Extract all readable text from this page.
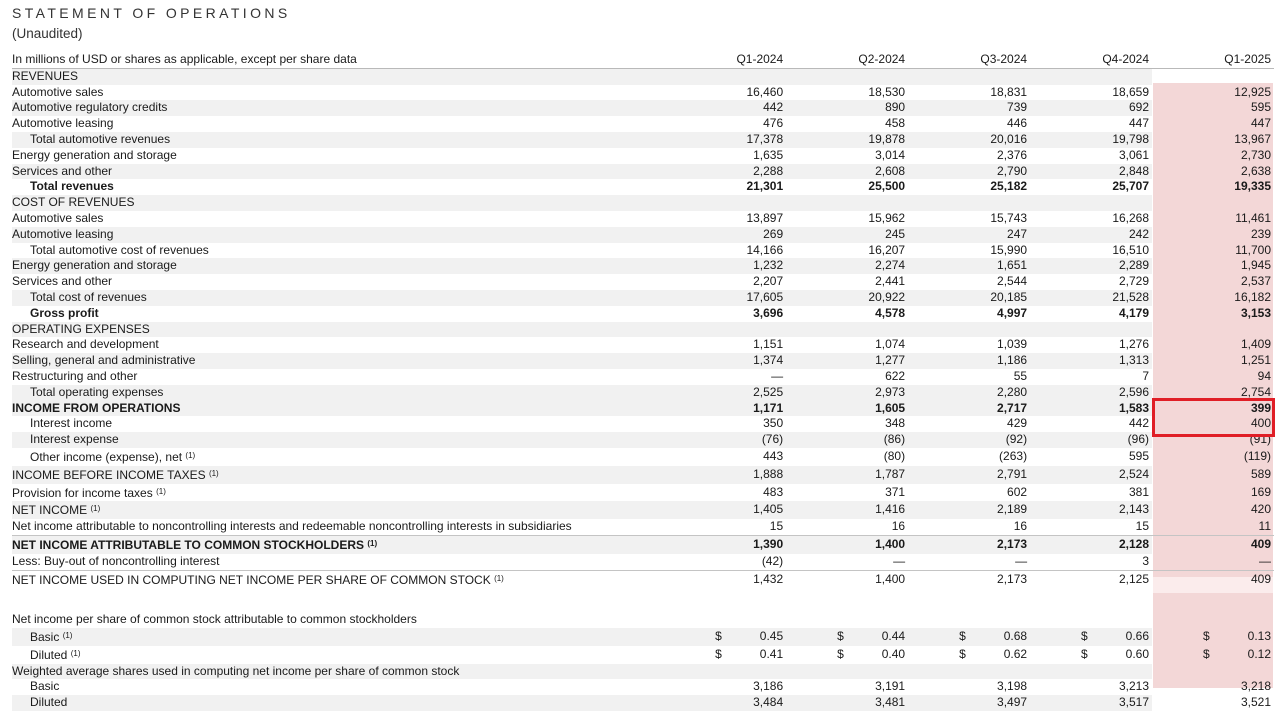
STATEMENT OF OPERATIONS
(Unaudited)
In millions of USD or shares as applicable, except per share data	Q1-2024	Q2-2024	Q3-2024	Q4-2024	Q1-2025
REVENUES					
Automotive sales	16,460	18,530	18,831	18,659	12,925
Automotive regulatory credits	442	890	739	692	595
Automotive leasing	476	458	446	447	447
Total automotive revenues	17,378	19,878	20,016	19,798	13,967
Energy generation and storage	1,635	3,014	2,376	3,061	2,730
Services and other	2,288	2,608	2,790	2,848	2,638
Total revenues	21,301	25,500	25,182	25,707	19,335
COST OF REVENUES					
Automotive sales	13,897	15,962	15,743	16,268	11,461
Automotive leasing	269	245	247	242	239
Total automotive cost of revenues	14,166	16,207	15,990	16,510	11,700
Energy generation and storage	1,232	2,274	1,651	2,289	1,945
Services and other	2,207	2,441	2,544	2,729	2,537
Total cost of revenues	17,605	20,922	20,185	21,528	16,182
Gross profit	3,696	4,578	4,997	4,179	3,153
OPERATING EXPENSES					
Research and development	1,151	1,074	1,039	1,276	1,409
Selling, general and administrative	1,374	1,277	1,186	1,313	1,251
Restructuring and other	—	622	55	7	94
Total operating expenses	2,525	2,973	2,280	2,596	2,754
INCOME FROM OPERATIONS	1,171	1,605	2,717	1,583	399
Interest income	350	348	429	442	400
Interest expense	(76)	(86)	(92)	(96)	(91)
Other income (expense), net $^{(1)}$	443	(80)	(263)	595	(119)
INCOME BEFORE INCOME TAXES $^{(1)}$	1,888	1,787	2,791	2,524	589
Provision for income taxes $^{(1)}$	483	371	602	381	169
NET INCOME $^{(1)}$	1,405	1,416	2,189	2,143	420
Net income attributable to noncontrolling interests and redeemable noncontrolling interests in subsidiaries	15	16	16	15	11
NET INCOME ATTRIBUTABLE TO COMMON STOCKHOLDERS $^{(1)}$	1,390	1,400	2,173	2,128	409
Less: Buy-out of noncontrolling interest	(42)	—	—	3	—
NET INCOME USED IN COMPUTING NET INCOME PER SHARE OF COMMON STOCK $^{(1)}$	1,432	1,400	2,173	2,125	409

Net income per share of common stock attributable to common stockholders					
Basic $^{(1)}$	$ 0.45	$ 0.44	$ 0.68	$ 0.66	$ 0.13
Diluted $^{(1)}$	$ 0.41	$ 0.40	$ 0.62	$ 0.60	$ 0.12
Weighted average shares used in computing net income per share of common stock					
Basic	3,186	3,191	3,198	3,213	3,218
Diluted	3,484	3,481	3,497	3,517	3,521
